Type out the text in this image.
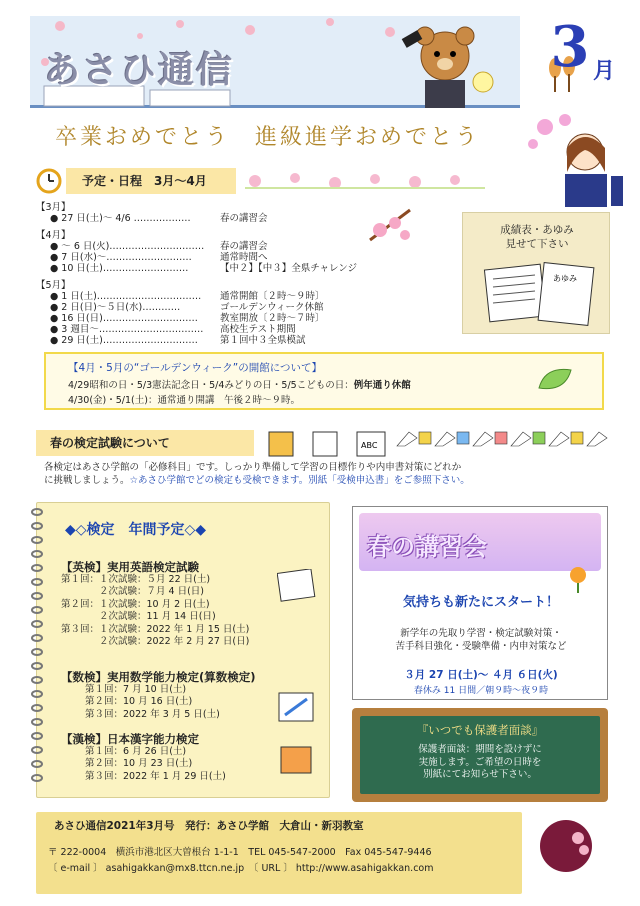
あさひ通信	3 月
卒業おめでとう　進級進学おめでとう
予定・日程　3月～4月
【3月】
● 27 日(土)～ 4/6 ………………	春の講習会
【4月】
● ～ 6 日(火)…………………………	春の講習会
● 7 日(水)～………………………	通常時間へ
● 10 日(土)………………………	【中２】【中３】全県チャレンジ
【5月】
● 1 日(土)……………………………	通常開館〔２時～９時〕
● 2 日(日)～５日(水)…………	ゴールデンウィーク休館
● 16 日(日)…………………………	教室開放〔２時～７時〕
● 3 週目～……………………………	高校生テスト期間
● 29 日(土)…………………………	第１回中３全県模試
成績表・あゆみ
見せて下さい
あゆみ
【4月・5月の“ゴールデンウィーク”の開館について】
4/29昭和の日・5/3憲法記念日・5/4みどりの日・5/5こどもの日：例年通り休館
4/30(金)・5/1(土)：通常通り開講　午後２時～９時。
春の検定試験について	ABC
各検定はあさひ学館の「必修科目」です。しっかり準備して学習の目標作りや内申書対策にどれか
に挑戦しましょう。☆あさひ学館でどの検定も受検できます。別紙「受検申込書」をご参照下さい。
◆◇検定　年間予定◇◆
【英検】実用英語検定試験
第１回：１次試験：５月 22 日(土)
　　　　２次試験：７月 4 日(日)
第２回：１次試験：10 月 2 日(土)
　　　　２次試験：11 月 14 日(日)
第３回：１次試験：2022 年 1 月 15 日(土)
　　　　２次試験：2022 年 2 月 27 日(日)
【数検】実用数学能力検定(算数検定)
第１回：7 月 10 日(土)
第２回：10 月 16 日(土)
第３回：2022 年 3 月 5 日(土)
【漢検】日本漢字能力検定
第１回：6 月 26 日(土)
第２回：10 月 23 日(土)
第３回：2022 年 1 月 29 日(土)
春の講習会
気持ちも新たにスタート！
新学年の先取り学習・検定試験対策・
苦手科目強化・受験準備・内申対策など
３月 27 日(土)～ ４月 ６日(火)
春休み 11 日間／朝９時～夜９時
『いつでも保護者面談』
保護者面談：期間を設けずに
実施します。ご希望の日時を
別紙にてお知らせ下さい。
あさひ通信2021年3月号　発行：あさひ学館　大倉山・新羽教室
〒 222-0004　横浜市港北区大曽根台 1-1-1　TEL 045-547-2000　Fax 045-547-9446
〔 e-mail 〕 asahigakkan@mx8.ttcn.ne.jp　〔 URL 〕 http://www.asahigakkan.com
